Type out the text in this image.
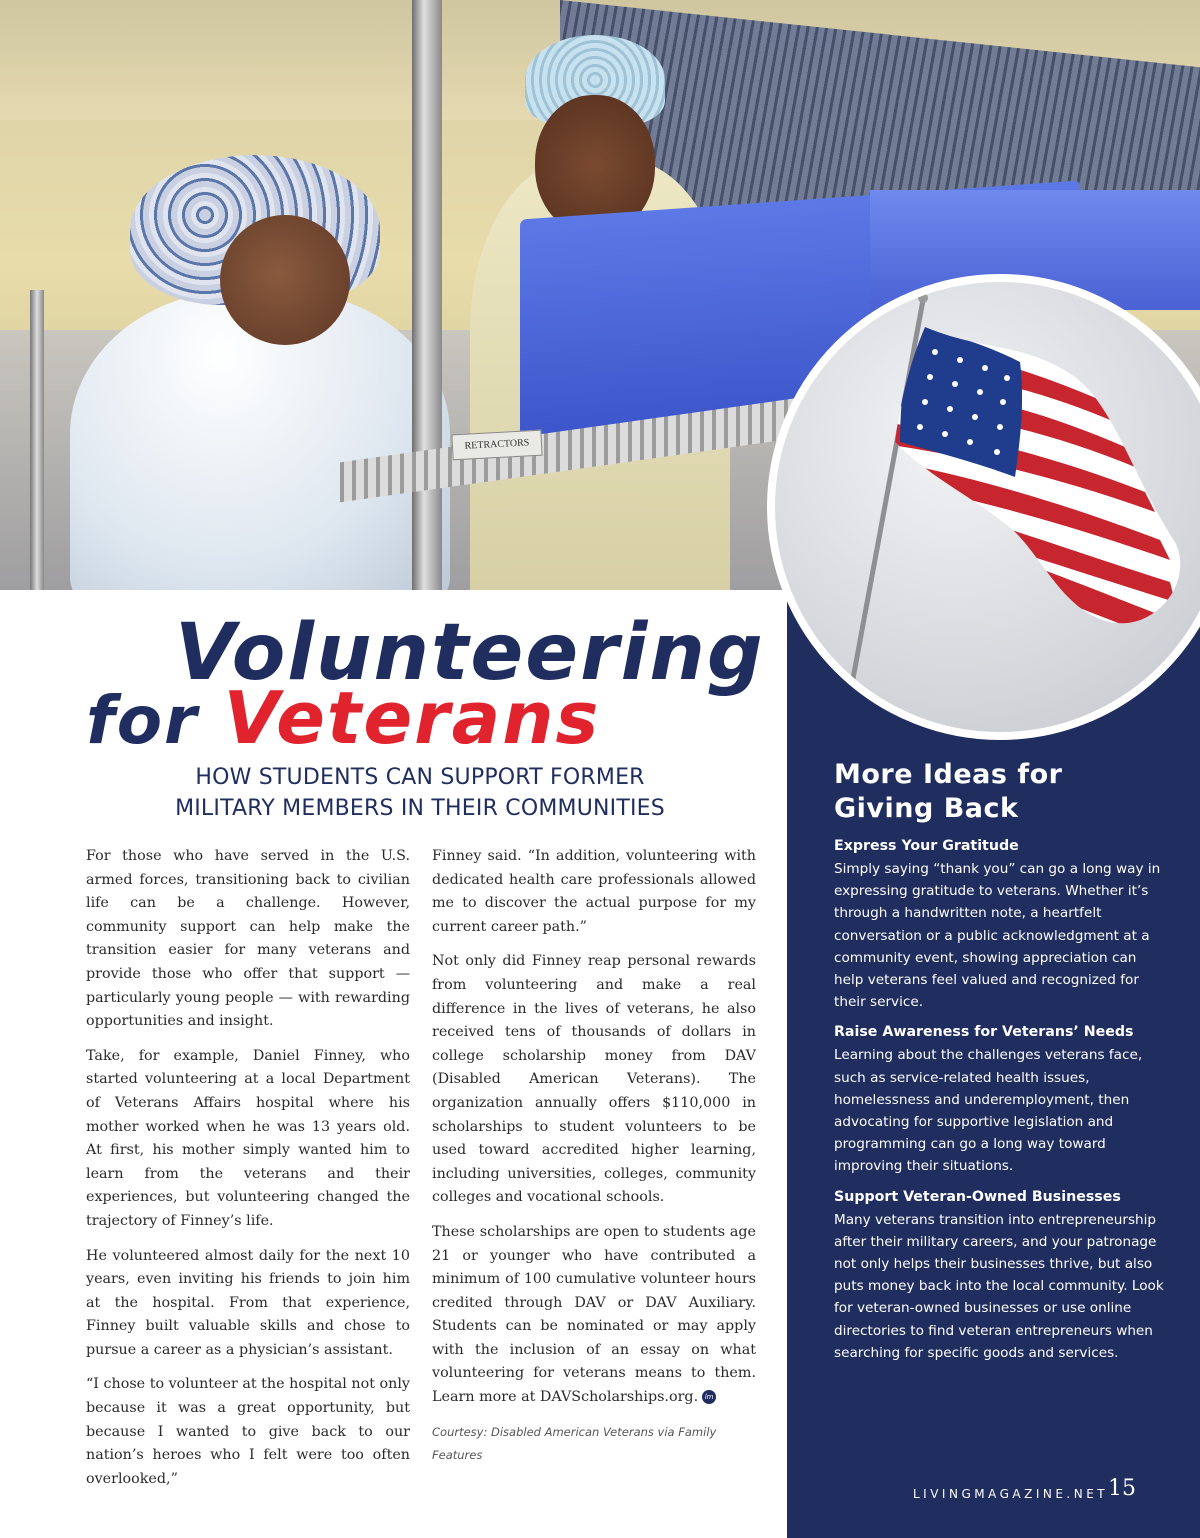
RETRACTORS
Volunteering
for Veterans
HOW STUDENTS CAN SUPPORT FORMER
MILITARY MEMBERS IN THEIR COMMUNITIES

For those who have served in the U.S. armed forces, transitioning back to civilian life can be a challenge. However, community support can help make the transition easier for many veterans and provide those who offer that support — particularly young people — with rewarding opportunities and insight.

Take, for example, Daniel Finney, who started volunteering at a local Department of Veterans Affairs hospital where his mother worked when he was 13 years old. At first, his mother simply wanted him to learn from the veterans and their experiences, but volunteering changed the trajectory of Finney’s life.

He volunteered almost daily for the next 10 years, even inviting his friends to join him at the hospital. From that experience, Finney built valuable skills and chose to pursue a career as a physician’s assistant.

“I chose to volunteer at the hospital not only because it was a great opportunity, but because I wanted to give back to our nation’s heroes who I felt were too often overlooked,”

Finney said. “In addition, volunteering with dedicated health care professionals allowed me to discover the actual purpose for my current career path.”

Not only did Finney reap personal rewards from volunteering and make a real difference in the lives of veterans, he also received tens of thousands of dollars in college scholarship money from DAV (Disabled American Veterans). The organization annually offers $110,000 in scholarships to student volunteers to be used toward accredited higher learning, including universities, colleges, community colleges and vocational schools.

These scholarships are open to students age 21 or younger who have contributed a minimum of 100 cumulative volunteer hours credited through DAV or DAV Auxiliary. Students can be nominated or may apply with the inclusion of an essay on what volunteering for veterans means to them. Learn more at DAVScholarships.org. lm

Courtesy: Disabled American Veterans via Family Features
More Ideas for
Giving Back
Express Your Gratitude

Simply saying “thank you” can go a long way in expressing gratitude to veterans. Whether it’s through a handwritten note, a heartfelt conversation or a public acknowledgment at a community event, showing appreciation can help veterans feel valued and recognized for their service.

Raise Awareness for Veterans’ Needs

Learning about the challenges veterans face, such as service-related health issues, homelessness and underemployment, then advocating for supportive legislation and programming can go a long way toward improving their situations.

Support Veteran-Owned Businesses

Many veterans transition into entrepreneurship after their military careers, and your patronage not only helps their businesses thrive, but also puts money back into the local community. Look for veteran-owned businesses or use online directories to find veteran entrepreneurs when searching for specific goods and services.

LIVINGMAGAZINE.NET 15
